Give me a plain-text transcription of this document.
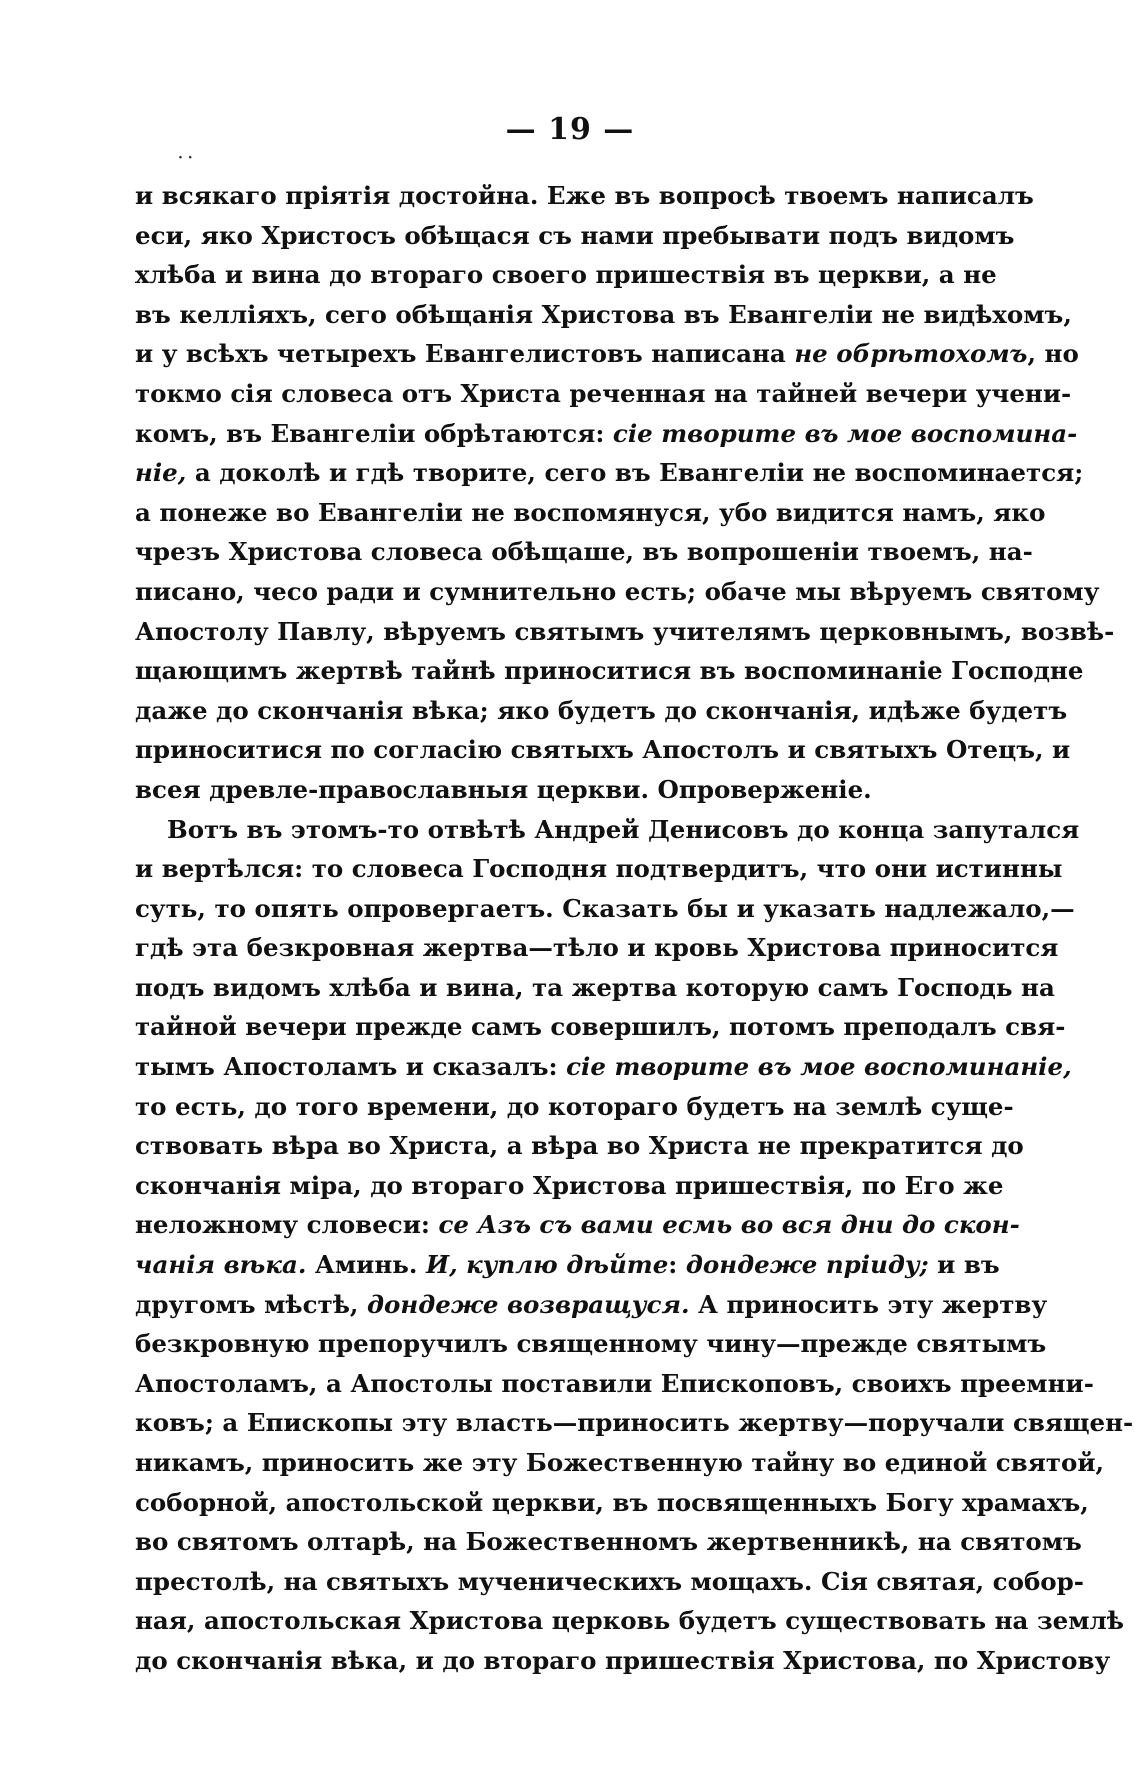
— 19 —
· ·
и всякаго прiятiя достойна. Еже въ вопросѣ твоемъ написалъ
еси, яко Христосъ обѣщася съ нами пребывати подъ видомъ
хлѣба и вина до втораго своего пришествiя въ церкви, а не
въ келлiяхъ, сего обѣщанiя Христова въ Евангелiи не видѣхомъ,
и у всѣхъ четырехъ Евангелистовъ написана не обрѣтохомъ, но
токмо сiя словеса отъ Христа реченная на тайней вечери учени-
комъ, въ Евангелiи обрѣтаются: сiе творите въ мое воспомина-
нiе, а доколѣ и гдѣ творите, сего въ Евангелiи не воспоминается;
а понеже во Евангелiи не воспомянуся, убо видится намъ, яко
чрезъ Христова словеса обѣщаше, въ вопрошенiи твоемъ, на-
писано, чесо ради и сумнительно есть; обаче мы вѣруемъ святому
Апостолу Павлу, вѣруемъ святымъ учителямъ церковнымъ, возвѣ-
щающимъ жертвѣ тайнѣ приноситися въ воспоминанiе Господне
даже до скончанiя вѣка; яко будетъ до скончанiя, идѣже будетъ
приноситися по согласiю святыхъ Апостолъ и святыхъ Отецъ, и
всея древле-православныя церкви. Опроверженiе.
Вотъ въ этомъ-то отвѣтѣ Андрей Денисовъ до конца запутался
и вертѣлся: то словеса Господня подтвердитъ, что они истинны
суть, то опять опровергаетъ. Сказать бы и указать надлежало,—
гдѣ эта безкровная жертва—тѣло и кровь Христова приносится
подъ видомъ хлѣба и вина, та жертва которую самъ Господь на
тайной вечери прежде самъ совершилъ, потомъ преподалъ свя-
тымъ Апостоламъ и сказалъ: сiе творите въ мое воспоминанiе,
то есть, до того времени, до котораго будетъ на землѣ суще-
ствовать вѣра во Христа, а вѣра во Христа не прекратится до
скончанiя мiра, до втораго Христова пришествiя, по Его же
неложному словеси: се Азъ съ вами есмь во вся дни до скон-
чанiя вѣка. Аминь. И, куплю дѣйте: дондеже прiиду; и въ
другомъ мѣстѣ, дондеже возвращуся. А приносить эту жертву
безкровную препоручилъ священному чину—прежде святымъ
Апостоламъ, а Апостолы поставили Епископовъ, своихъ преемни-
ковъ; а Епископы эту власть—приносить жертву—поручали священ-
никамъ, приносить же эту Божественную тайну во единой святой,
соборной, апостольской церкви, въ посвященныхъ Богу храмахъ,
во святомъ олтарѣ, на Божественномъ жертвенникѣ, на святомъ
престолѣ, на святыхъ мученическихъ мощахъ. Сiя святая, собор-
ная, апостольская Христова церковь будетъ существовать на землѣ
до скончанiя вѣка, и до втораго пришествiя Христова, по Христову
